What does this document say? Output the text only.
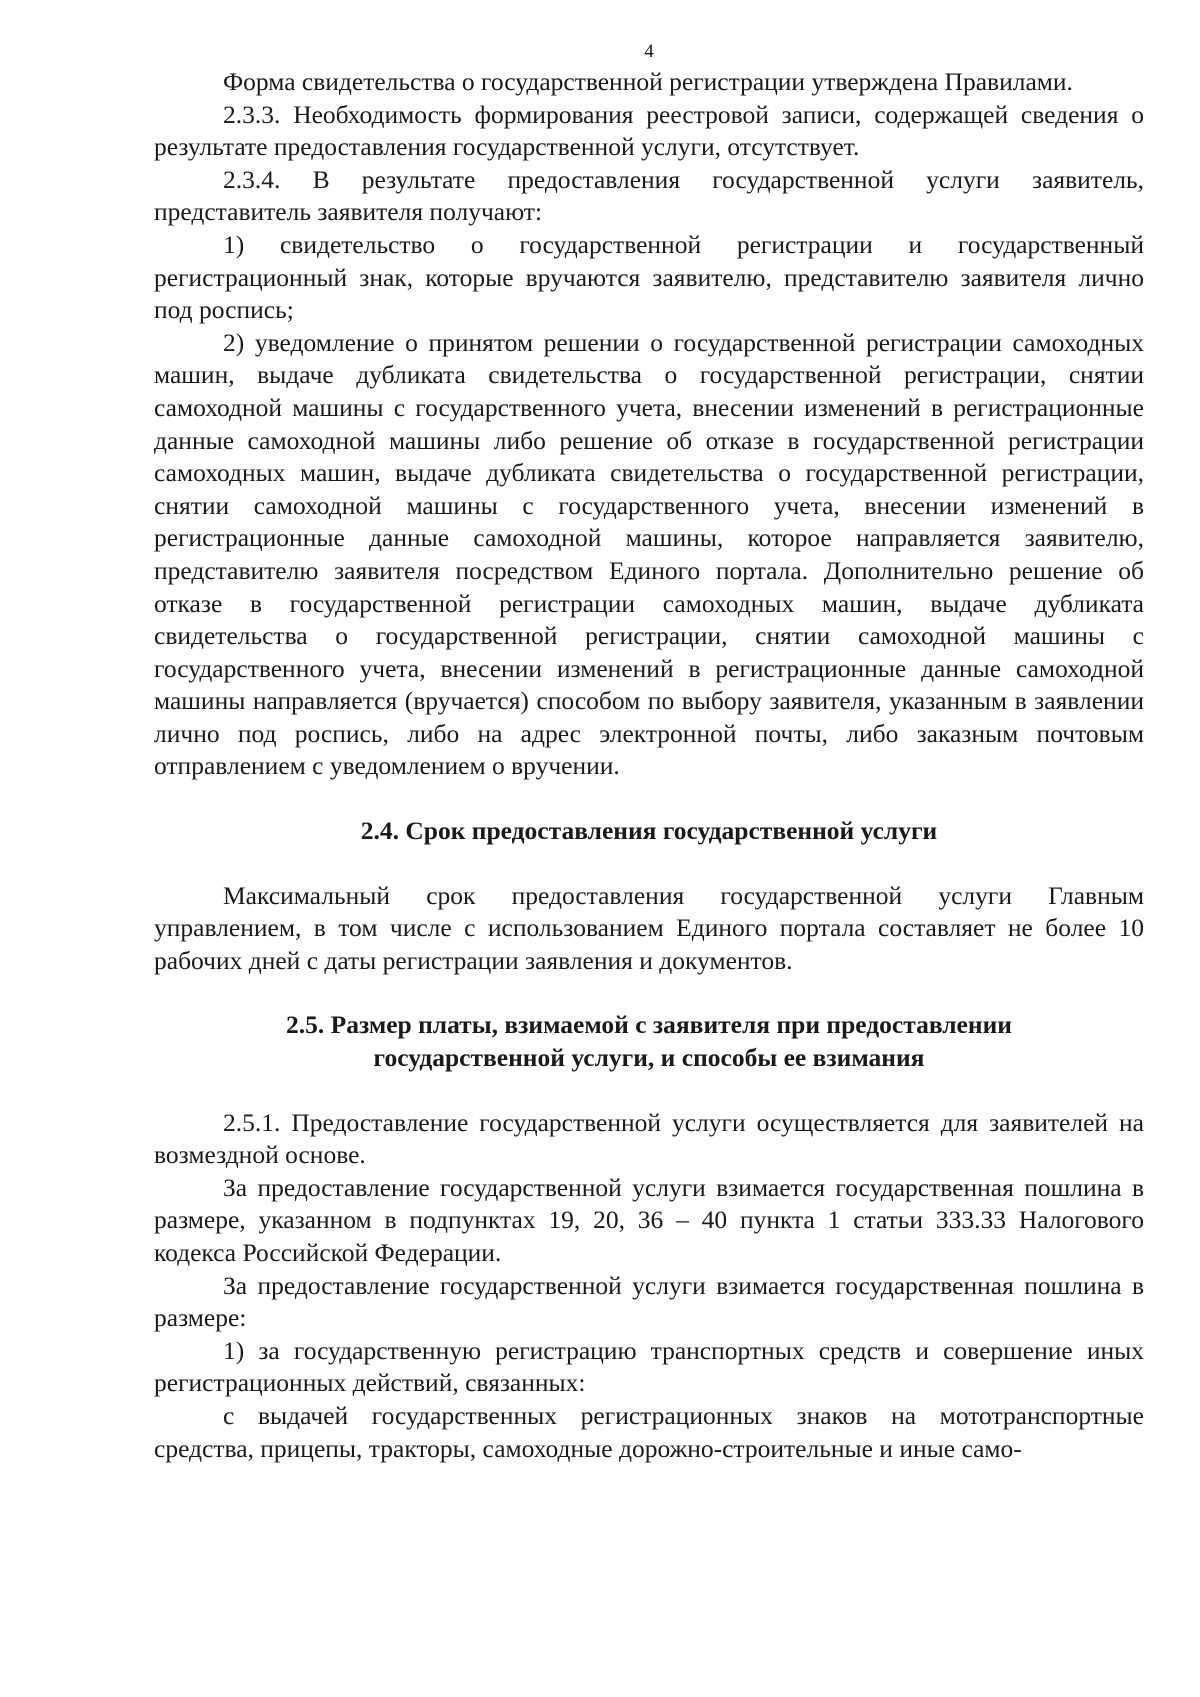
4

Форма свидетельства о государственной регистрации утверждена Правилами.

2.3.3. Необходимость формирования реестровой записи, содержащей сведения о результате предоставления государственной услуги, отсутствует.

2.3.4. В результате предоставления государственной услуги заявитель, представитель заявителя получают:

1) свидетельство о государственной регистрации и государственный регистрационный знак, которые вручаются заявителю, представителю заявителя лично под роспись;

2) уведомление о принятом решении о государственной регистрации самоходных машин, выдаче дубликата свидетельства о государственной регистрации, снятии самоходной машины с государственного учета, внесении изменений в регистрационные данные самоходной машины либо решение об отказе в государственной регистрации самоходных машин, выдаче дубликата свидетельства о государственной регистрации, снятии самоходной машины с государственного учета, внесении изменений в регистрационные данные самоходной машины, которое направляется заявителю, представителю заявителя посредством Единого портала. Дополнительно решение об отказе в государственной регистрации самоходных машин, выдаче дубликата свидетельства о государственной регистрации, снятии самоходной машины с государственного учета, внесении изменений в регистрационные данные самоходной машины направляется (вручается) способом по выбору заявителя, указанным в заявлении лично под роспись, либо на адрес электронной почты, либо заказным почтовым отправлением с уведомлением о вручении.

2.4. Срок предоставления государственной услуги

Максимальный срок предоставления государственной услуги Главным управлением, в том числе с использованием Единого портала составляет не более 10 рабочих дней с даты регистрации заявления и документов.

2.5. Размер платы, взимаемой с заявителя при предоставлении
государственной услуги, и способы ее взимания

2.5.1. Предоставление государственной услуги осуществляется для заявителей на возмездной основе.

За предоставление государственной услуги взимается государственная пошлина в размере, указанном в подпунктах 19, 20, 36 – 40 пункта 1 статьи 333.33 Налогового кодекса Российской Федерации.

За предоставление государственной услуги взимается государственная пошлина в размере:

1) за государственную регистрацию транспортных средств и совершение иных регистрационных действий, связанных:

с выдачей государственных регистрационных знаков на мототранспортные средства, прицепы, тракторы, самоходные дорожно-строительные и иные само-
